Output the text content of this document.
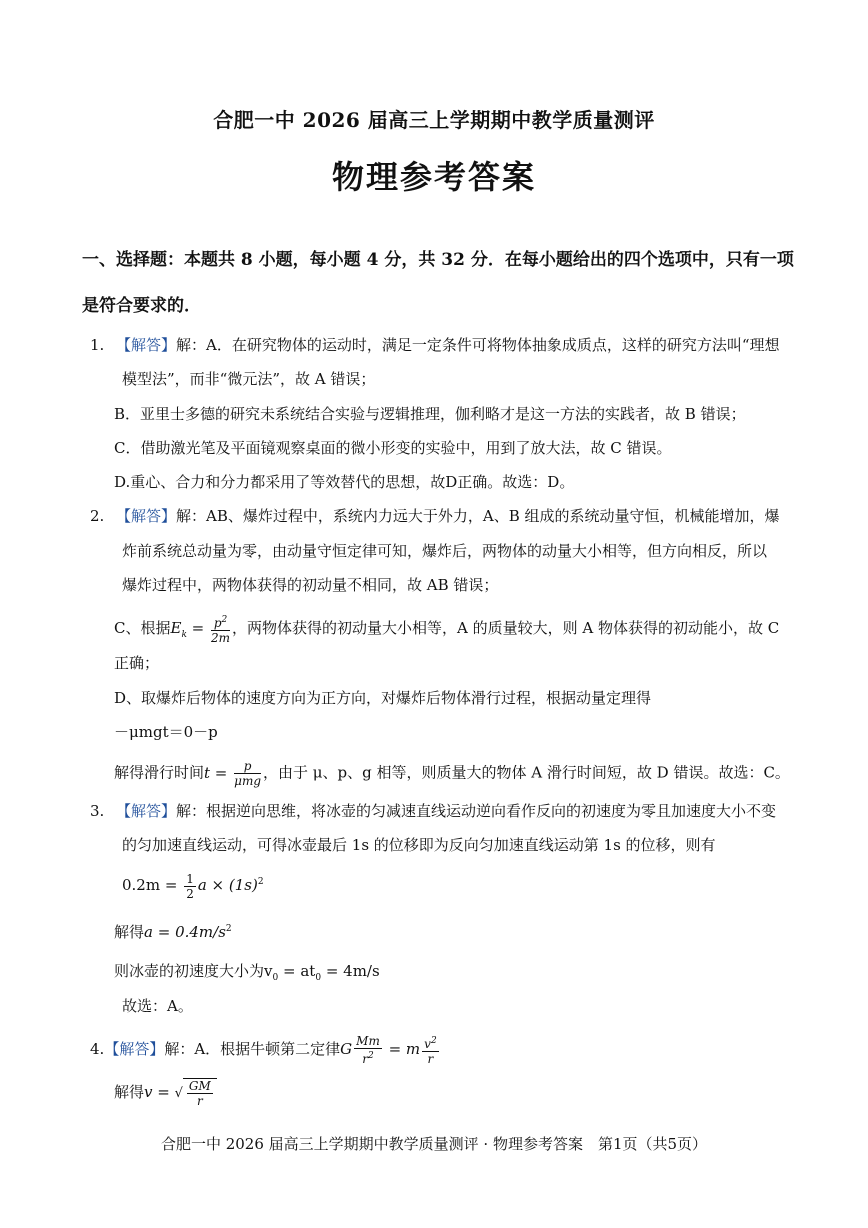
合肥一中 2026 届高三上学期期中教学质量测评
物理参考答案
一、选择题：本题共 8 小题，每小题 4 分，共 32 分．在每小题给出的四个选项中，只有一项
是符合要求的．
1. 【解答】解：A．在研究物体的运动时，满足一定条件可将物体抽象成质点，这样的研究方法叫“理想
模型法”，而非“微元法”，故 A 错误；
B．亚里士多德的研究未系统结合实验与逻辑推理，伽利略才是这一方法的实践者，故 B 错误；
C．借助激光笔及平面镜观察桌面的微小形变的实验中，用到了放大法，故 C 错误。
D.重心、合力和分力都采用了等效替代的思想，故D正确。故选：D。
2. 【解答】解：AB、爆炸过程中，系统内力远大于外力，A、B 组成的系统动量守恒，机械能增加，爆
炸前系统总动量为零，由动量守恒定律可知，爆炸后，两物体的动量大小相等，但方向相反，所以
爆炸过程中，两物体获得的初动量不相同，故 AB 错误；
C、根据$E_k = \frac{p^2}{2m}$ ，两物体获得的初动量大小相等，A 的质量较大，则 A 物体获得的初动能小，故 C
正确；
D、取爆炸后物体的速度方向为正方向，对爆炸后物体滑行过程，根据动量定理得
－μmgt＝0－p
解得滑行时间$t = \frac{p}{\text{μmg}}$ ，由于 μ、p、g 相等，则质量大的物体 A 滑行时间短，故 D 错误。故选：C。
3. 【解答】解：根据逆向思维，将冰壶的匀减速直线运动逆向看作反向的初速度为零且加速度大小不变
的匀加速直线运动，可得冰壶最后 1s 的位移即为反向匀加速直线运动第 1s 的位移，则有
$0.2m = \frac{1}{2}$ $a \times (1s)^2$
解得$a = 0.4m/s^2$
则冰壶的初速度大小为$v_0 = at_0 = 4m/s$
故选：A。
4.【解答】解：A．根据牛顿第二定律G $\frac{Mm}{r^2} = m \frac{v^2}{r}$
解得v = √ $\frac{GM}{r}$
合肥一中 2026 届高三上学期期中教学质量测评 · 物理参考答案　第1页（共5页）
